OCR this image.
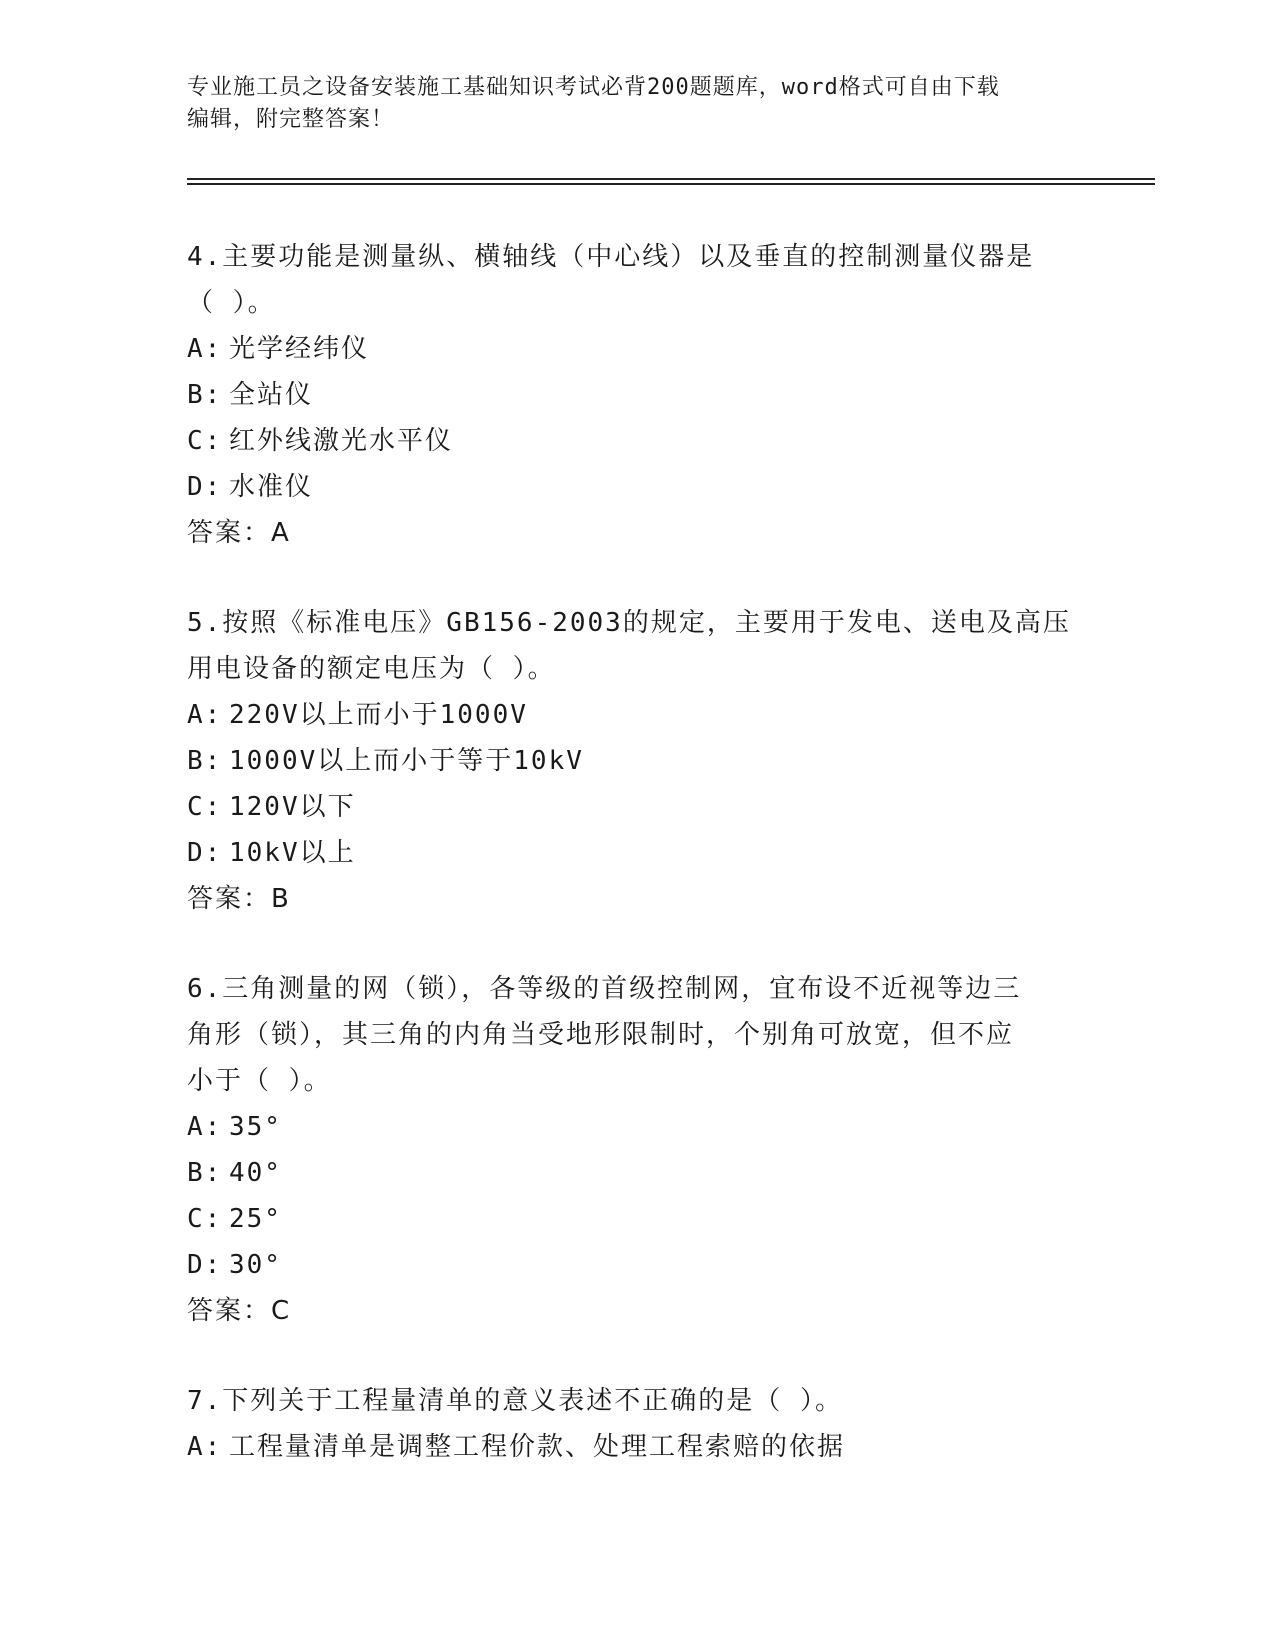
专业施工员之设备安装施工基础知识考试必背200题题库，word格式可自由下载
编辑，附完整答案！
4.主要功能是测量纵、横轴线（中心线）以及垂直的控制测量仪器是
（ ）。
A: 光学经纬仪
B: 全站仪
C: 红外线激光水平仪
D: 水准仪
答案：A
5.按照《标准电压》GB156-2003的规定，主要用于发电、送电及高压
用电设备的额定电压为（ ）。
A: 220V以上而小于1000V
B: 1000V以上而小于等于10kV
C: 120V以下
D: 10kV以上
答案：B
6.三角测量的网（锁），各等级的首级控制网，宜布设不近视等边三
角形（锁），其三角的内角当受地形限制时，个别角可放宽，但不应
小于（ ）。
A: 35°
B: 40°
C: 25°
D: 30°
答案：C
7.下列关于工程量清单的意义表述不正确的是（ ）。
A: 工程量清单是调整工程价款、处理工程索赔的依据
